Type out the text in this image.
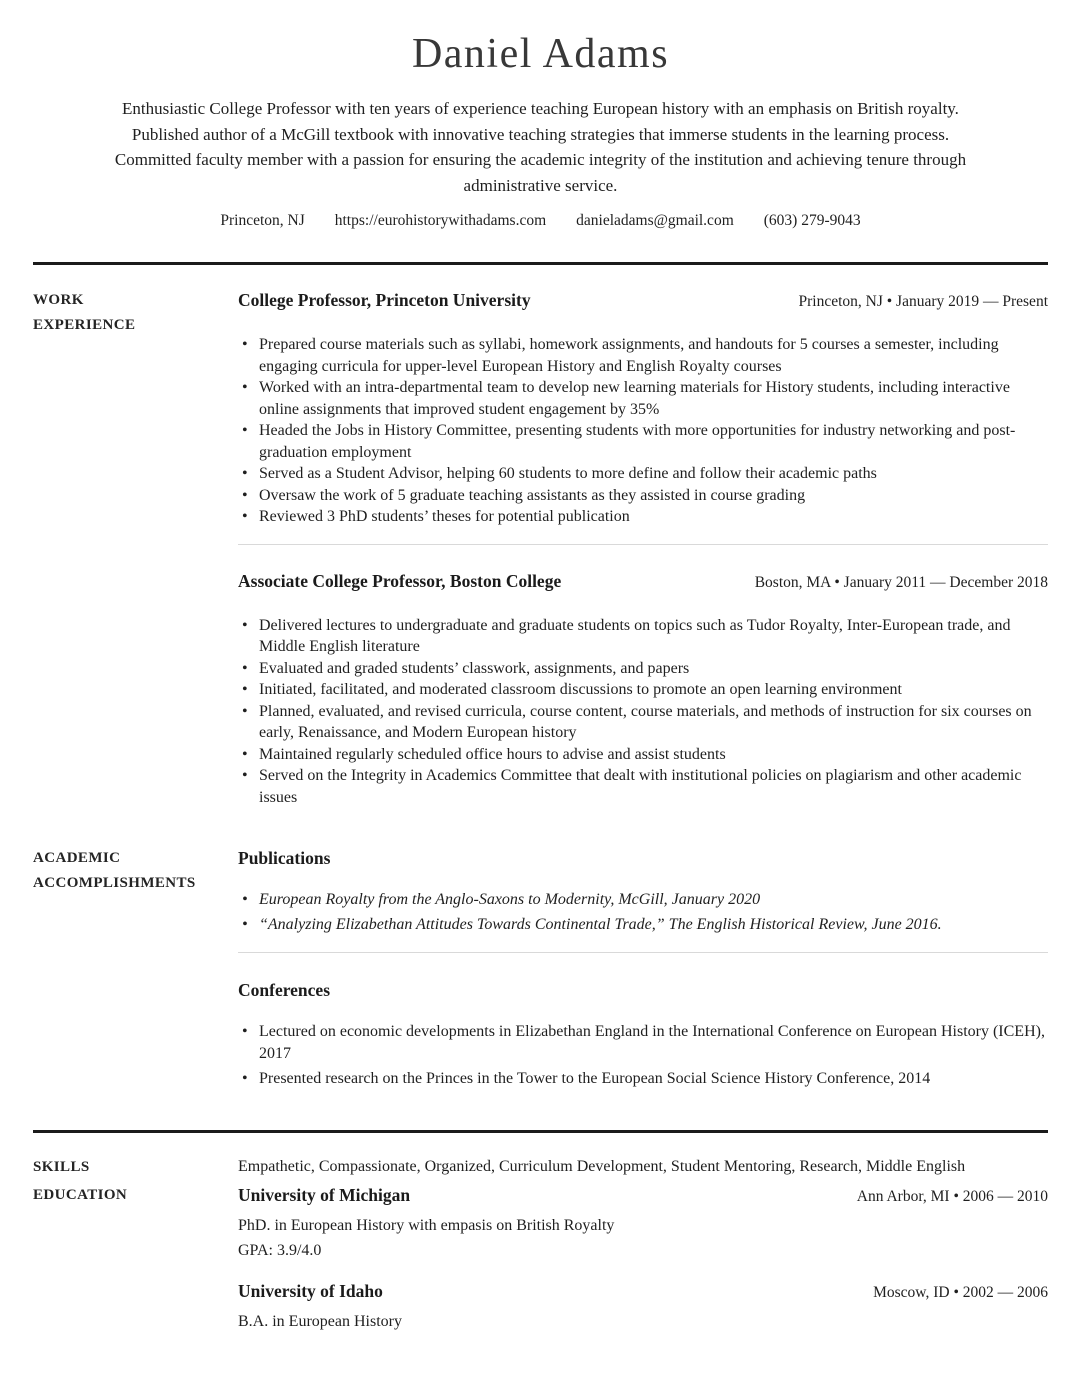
Daniel Adams

Enthusiastic College Professor with ten years of experience teaching European history with an emphasis on British royalty. Published author of a McGill textbook with innovative teaching strategies that immerse students in the learning process. Committed faculty member with a passion for ensuring the academic integrity of the institution and achieving tenure through administrative service.

Princeton, NJ https://eurohistorywithadams.com danieladams@gmail.com (603) 279-9043
WORK EXPERIENCE
College Professor, Princeton University	Princeton, NJ • January 2019 — Present
• Prepared course materials such as syllabi, homework assignments, and handouts for 5 courses a semester, including engaging curricula for upper-level European History and English Royalty courses
• Worked with an intra-departmental team to develop new learning materials for History students, including interactive online assignments that improved student engagement by 35%
• Headed the Jobs in History Committee, presenting students with more opportunities for industry networking and post-graduation employment
• Served as a Student Advisor, helping 60 students to more define and follow their academic paths
• Oversaw the work of 5 graduate teaching assistants as they assisted in course grading
• Reviewed 3 PhD students’ theses for potential publication
Associate College Professor, Boston College	Boston, MA • January 2011 — December 2018
• Delivered lectures to undergraduate and graduate students on topics such as Tudor Royalty, Inter-European trade, and Middle English literature
• Evaluated and graded students’ classwork, assignments, and papers
• Initiated, facilitated, and moderated classroom discussions to promote an open learning environment
• Planned, evaluated, and revised curricula, course content, course materials, and methods of instruction for six courses on early, Renaissance, and Modern European history
• Maintained regularly scheduled office hours to advise and assist students
• Served on the Integrity in Academics Committee that dealt with institutional policies on plagiarism and other academic issues
ACADEMIC ACCOMPLISHMENTS
Publications
• European Royalty from the Anglo-Saxons to Modernity, McGill, January 2020
• “Analyzing Elizabethan Attitudes Towards Continental Trade,” The English Historical Review, June 2016.
Conferences
• Lectured on economic developments in Elizabethan England in the International Conference on European History (ICEH), 2017
• Presented research on the Princes in the Tower to the European Social Science History Conference, 2014
SKILLS	Empathetic, Compassionate, Organized, Curriculum Development, Student Mentoring, Research, Middle English
EDUCATION	University of Michigan	Ann Arbor, MI • 2006 — 2010
PhD. in European History with empasis on British Royalty
GPA: 3.9/4.0
University of Idaho	Moscow, ID • 2002 — 2006
B.A. in European History
